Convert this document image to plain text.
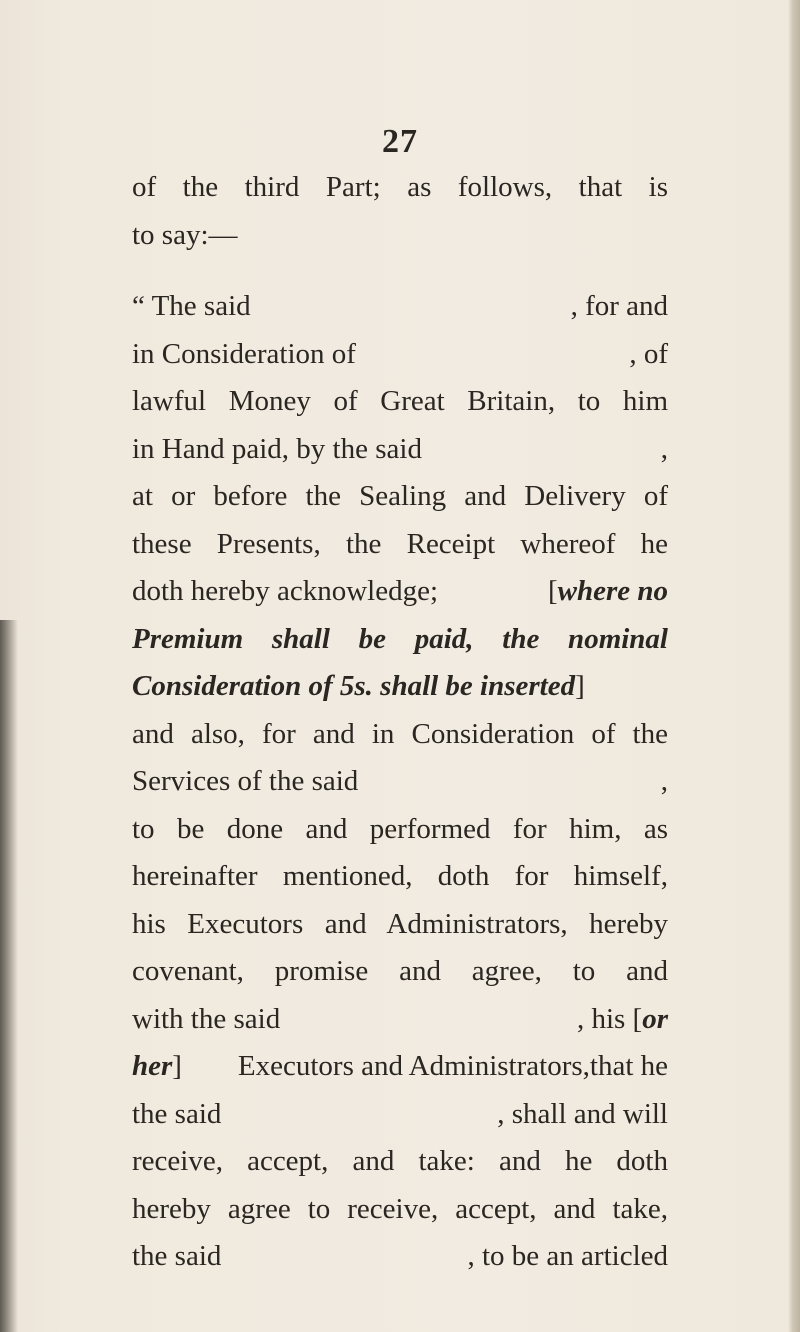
27
of the third Part; as follows, that is
to say:—
“ The said	, for and
in Consideration of	, of
lawful Money of Great Britain, to him
in Hand paid, by the said	,
at or before the Sealing and Delivery of
these Presents, the Receipt whereof he
doth hereby acknowledge;	[where no
Premium shall be paid, the nominal
Consideration of 5s. shall be inserted]
and also, for and in Consideration of the
Services of the said	,
to be done and performed for him, as
hereinafter mentioned, doth for himself,
his Executors and Administrators, hereby
covenant, promise and agree, to and
with the said	, his [or
her] Executors and Administrators,that he
the said	, shall and will
receive, accept, and take: and he doth
hereby agree to receive, accept, and take,
the said	, to be an articled
